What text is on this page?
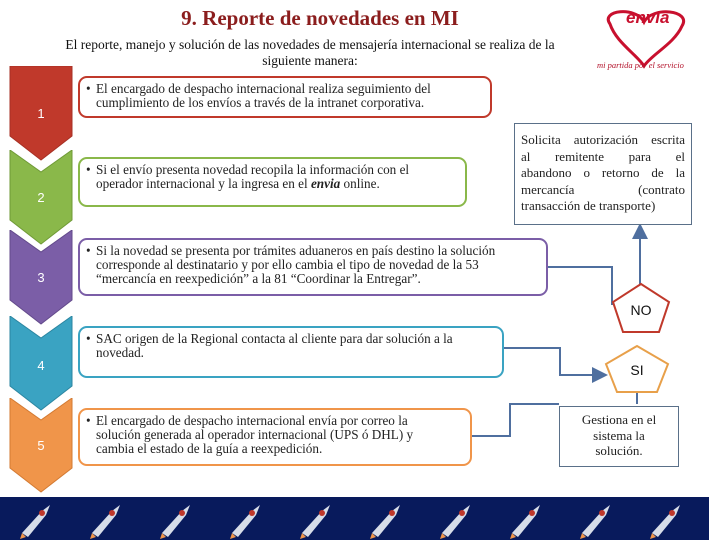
9. Reporte de novedades en MI
El reporte, manejo y solución de las novedades de mensajería internacional se realiza de la
siguiente manera:
envia
mi partida por el servicio
1
2
3
4
5
• El encargado de despacho internacional realiza seguimiento del
cumplimiento de los envíos a través de la intranet corporativa.
• Si el envío presenta novedad recopila la información con el
operador internacional y la ingresa en el envia online.
• Si la novedad se presenta por trámites aduaneros en país destino la solución
corresponde al destinatario y por ello cambia el tipo de novedad de la 53
“mercancía en reexpedición” a la 81 “Coordinar la Entregar”.
• SAC origen de la Regional contacta al cliente para dar solución a la
novedad.
• El encargado de despacho internacional envía por correo la
solución generada al operador internacional (UPS ó DHL) y
cambia el estado de la guía a reexpedición.
Solicita autorización escrita
al remitente para el
abandono o retorno de la
mercancía (contrato
transacción de transporte)
Gestiona en el
sistema la
solución.
NO
SI
